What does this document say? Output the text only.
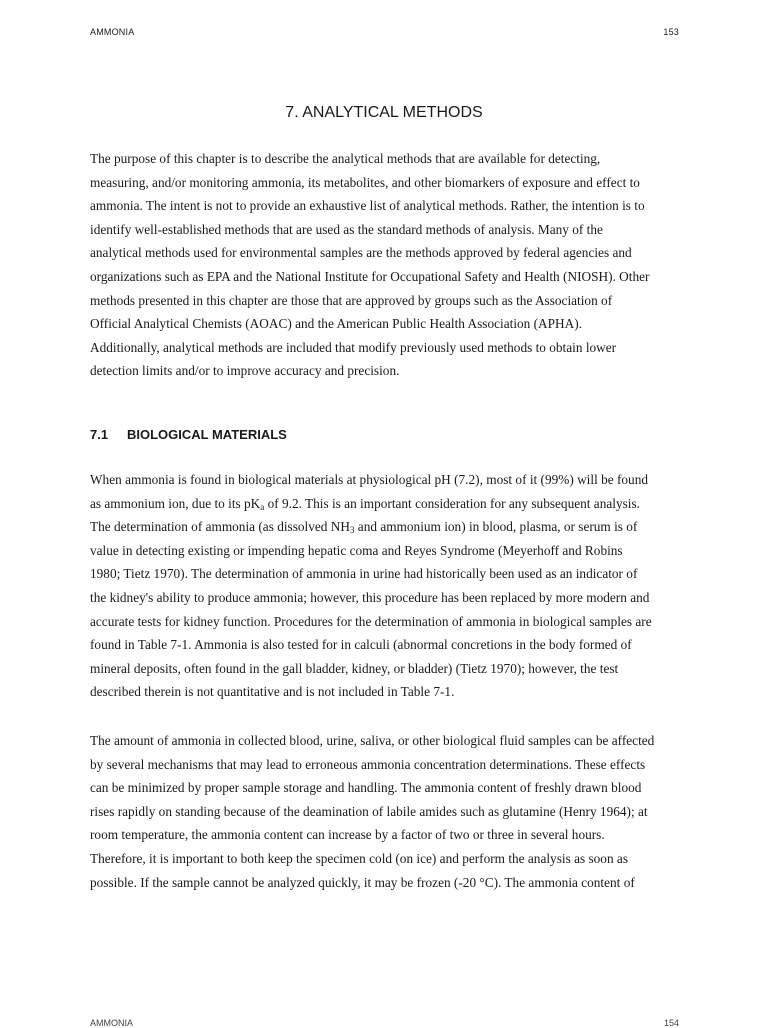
AMMONIA	153
7. ANALYTICAL METHODS

The purpose of this chapter is to describe the analytical methods that are available for detecting,
measuring, and/or monitoring ammonia, its metabolites, and other biomarkers of exposure and effect to
ammonia. The intent is not to provide an exhaustive list of analytical methods. Rather, the intention is to
identify well-established methods that are used as the standard methods of analysis. Many of the
analytical methods used for environmental samples are the methods approved by federal agencies and
organizations such as EPA and the National Institute for Occupational Safety and Health (NIOSH). Other
methods presented in this chapter are those that are approved by groups such as the Association of
Official Analytical Chemists (AOAC) and the American Public Health Association (APHA).
Additionally, analytical methods are included that modify previously used methods to obtain lower
detection limits and/or to improve accuracy and precision.

7.1 BIOLOGICAL MATERIALS

When ammonia is found in biological materials at physiological pH (7.2), most of it (99%) will be found
as ammonium ion, due to its $pK_a$ of 9.2. This is an important consideration for any subsequent analysis.
The determination of ammonia (as dissolved $NH_3$ and ammonium ion) in blood, plasma, or serum is of
value in detecting existing or impending hepatic coma and Reyes Syndrome (Meyerhoff and Robins
1980; Tietz 1970). The determination of ammonia in urine had historically been used as an indicator of
the kidney's ability to produce ammonia; however, this procedure has been replaced by more modern and
accurate tests for kidney function. Procedures for the determination of ammonia in biological samples are
found in Table 7-1. Ammonia is also tested for in calculi (abnormal concretions in the body formed of
mineral deposits, often found in the gall bladder, kidney, or bladder) (Tietz 1970); however, the test
described therein is not quantitative and is not included in Table 7-1.

The amount of ammonia in collected blood, urine, saliva, or other biological fluid samples can be affected
by several mechanisms that may lead to erroneous ammonia concentration determinations. These effects
can be minimized by proper sample storage and handling. The ammonia content of freshly drawn blood
rises rapidly on standing because of the deamination of labile amides such as glutamine (Henry 1964); at
room temperature, the ammonia content can increase by a factor of two or three in several hours.
Therefore, it is important to both keep the specimen cold (on ice) and perform the analysis as soon as
possible. If the sample cannot be analyzed quickly, it may be frozen (-20 °C). The ammonia content of

AMMONIA	154
